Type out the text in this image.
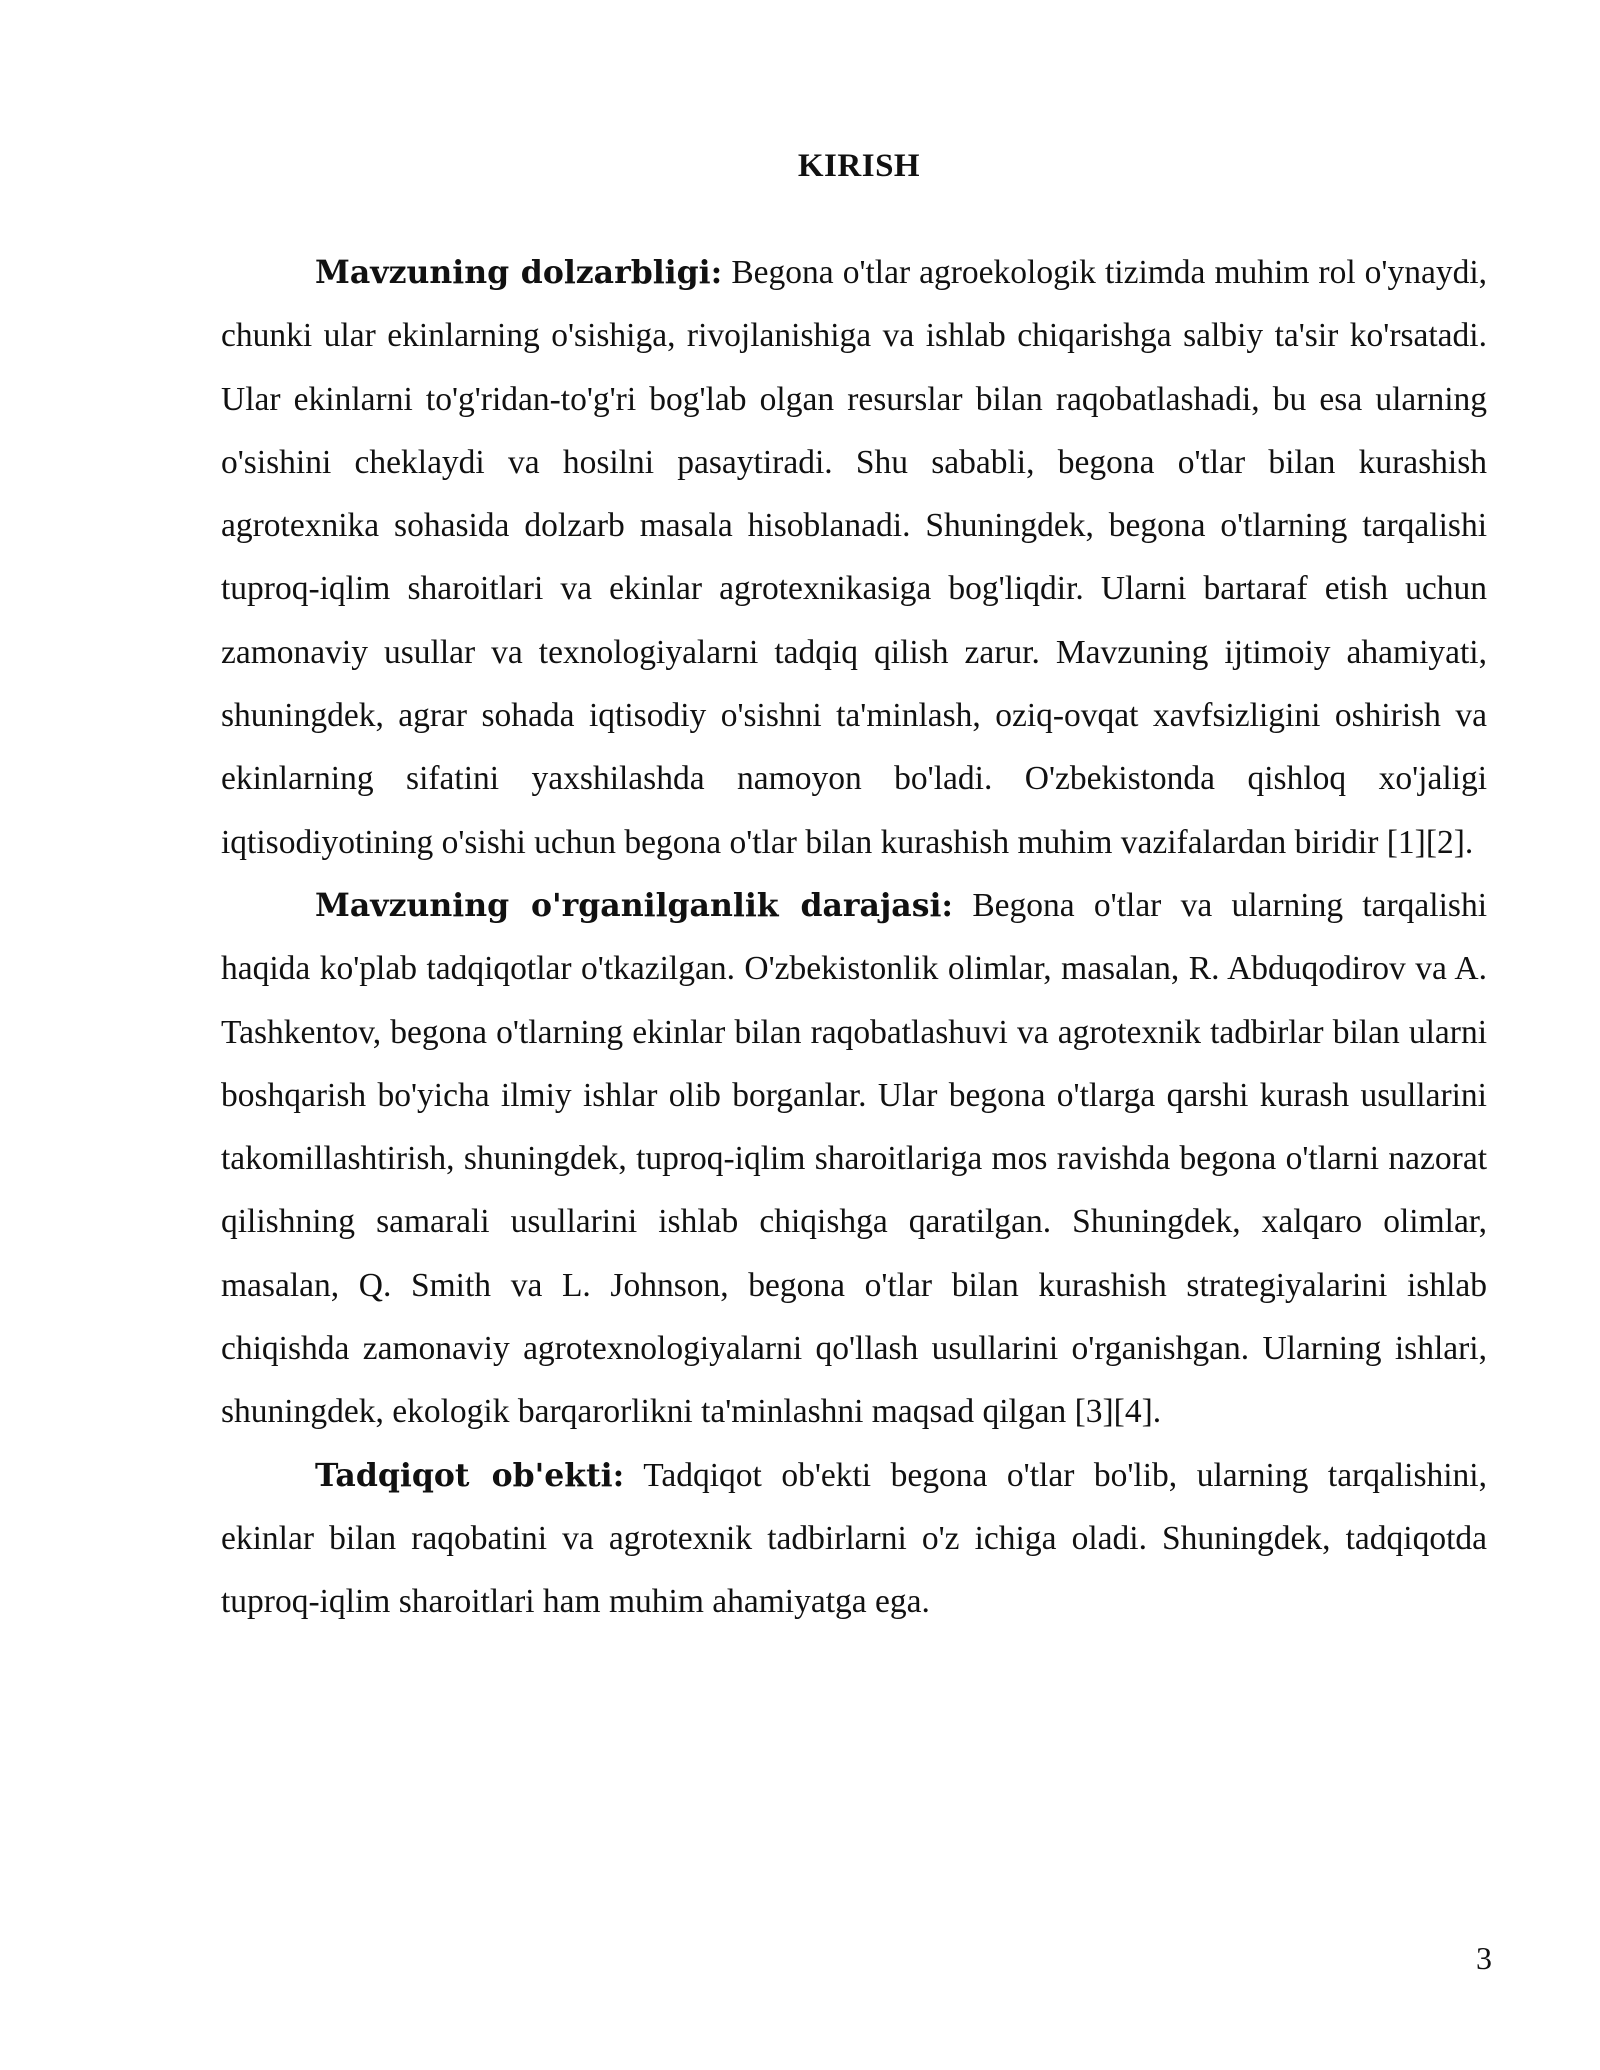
KIRISH

Mavzuning dolzarbligi: Begona o'tlar agroekologik tizimda muhim rol o'ynaydi, chunki ular ekinlarning o'sishiga, rivojlanishiga va ishlab chiqarishga salbiy ta'sir ko'rsatadi. Ular ekinlarni to'g'ridan-to'g'ri bog'lab olgan resurslar bilan raqobatlashadi, bu esa ularning o'sishini cheklaydi va hosilni pasaytiradi. Shu sababli, begona o'tlar bilan kurashish agrotexnika sohasida dolzarb masala hisoblanadi. Shuningdek, begona o'tlarning tarqalishi tuproq-iqlim sharoitlari va ekinlar agrotexnikasiga bog'liqdir. Ularni bartaraf etish uchun zamonaviy usullar va texnologiyalarni tadqiq qilish zarur. Mavzuning ijtimoiy ahamiyati, shuningdek, agrar sohada iqtisodiy o'sishni ta'minlash, oziq-ovqat xavfsizligini oshirish va ekinlarning sifatini yaxshilashda namoyon bo'ladi. O'zbekistonda qishloq xo'jaligi iqtisodiyotining o'sishi uchun begona o'tlar bilan kurashish muhim vazifalardan biridir [1][2].

Mavzuning o'rganilganlik darajasi: Begona o'tlar va ularning tarqalishi haqida ko'plab tadqiqotlar o'tkazilgan. O'zbekistonlik olimlar, masalan, R. Abduqodirov va A. Tashkentov, begona o'tlarning ekinlar bilan raqobatlashuvi va agrotexnik tadbirlar bilan ularni boshqarish bo'yicha ilmiy ishlar olib borganlar. Ular begona o'tlarga qarshi kurash usullarini takomillashtirish, shuningdek, tuproq-iqlim sharoitlariga mos ravishda begona o'tlarni nazorat qilishning samarali usullarini ishlab chiqishga qaratilgan. Shuningdek, xalqaro olimlar, masalan, Q. Smith va L. Johnson, begona o'tlar bilan kurashish strategiyalarini ishlab chiqishda zamonaviy agrotexnologiyalarni qo'llash usullarini o'rganishgan. Ularning ishlari, shuningdek, ekologik barqarorlikni ta'minlashni maqsad qilgan [3][4].

Tadqiqot ob'ekti: Tadqiqot ob'ekti begona o'tlar bo'lib, ularning tarqalishini, ekinlar bilan raqobatini va agrotexnik tadbirlarni o'z ichiga oladi. Shuningdek, tadqiqotda tuproq-iqlim sharoitlari ham muhim ahamiyatga ega.

3
